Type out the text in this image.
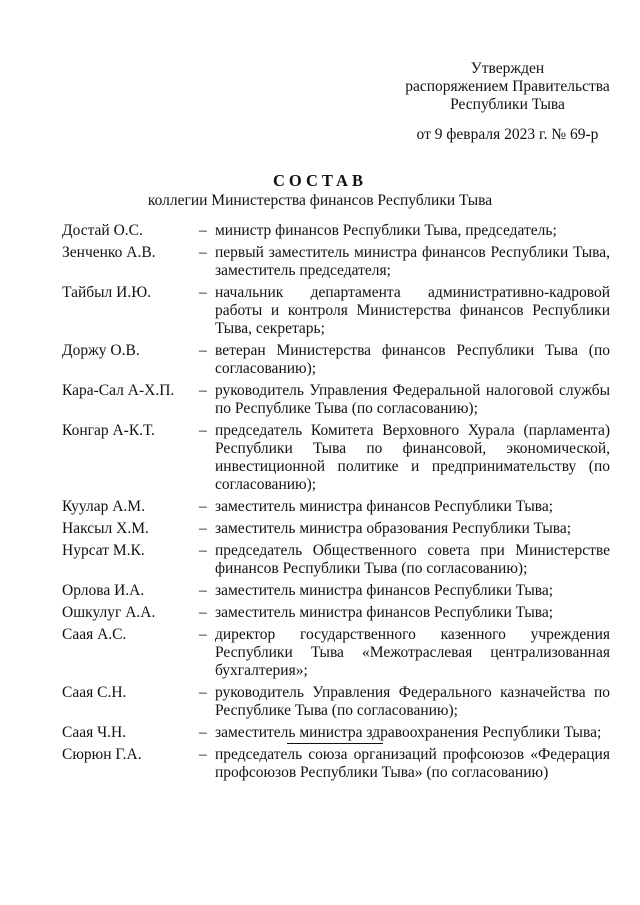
Утвержден
распоряжением Правительства
Республики Тыва
от 9 февраля 2023 г. № 69-р
СОСТАВ
коллегии Министерства финансов Республики Тыва
Достай О.С.	– министр финансов Республики Тыва, председатель;
Зенченко А.В.	– первый заместитель министра финансов Республики Тыва, заместитель председателя;
Тайбыл И.Ю.	– начальник департамента административно-кадровой работы и контроля Министерства финансов Республики Тыва, секретарь;
Доржу О.В.	– ветеран Министерства финансов Республики Тыва (по согласованию);
Кара-Сал А-Х.П.	– руководитель Управления Федеральной налоговой службы по Республике Тыва (по согласованию);
Конгар А-К.Т.	– председатель Комитета Верховного Хурала (парламента) Республики Тыва по финансовой, экономической, инвестиционной политике и предпринимательству (по согласованию);
Куулар А.М.	– заместитель министра финансов Республики Тыва;
Наксыл Х.М.	– заместитель министра образования Республики Тыва;
Нурсат М.К.	– председатель Общественного совета при Министерстве финансов Республики Тыва (по согласованию);
Орлова И.А.	– заместитель министра финансов Республики Тыва;
Ошкулуг А.А.	– заместитель министра финансов Республики Тыва;
Саая А.С.	– директор государственного казенного учреждения Республики Тыва «Межотраслевая централизованная бухгалтерия»;
Саая С.Н.	– руководитель Управления Федерального казначейства по Республике Тыва (по согласованию);
Саая Ч.Н.	– заместитель министра здравоохранения Республики Тыва;
Сюрюн Г.А.	– председатель союза организаций профсоюзов «Федерация профсоюзов Республики Тыва» (по согласованию)
